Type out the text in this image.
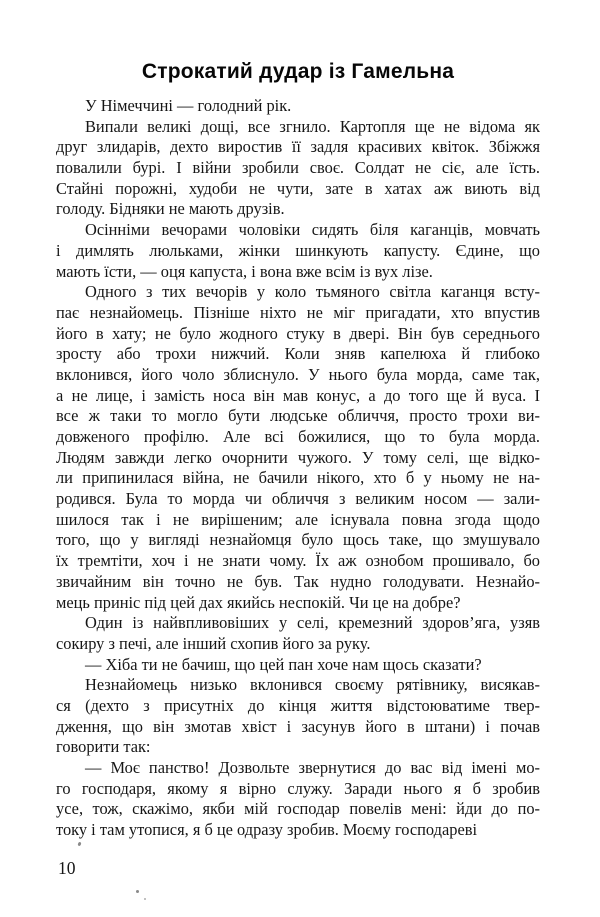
Строкатий дудар із Гамельна
У Німеччині — голодний рік.
Випали великі дощі, все згнило. Картопля ще не відома як
друг злидарів, дехто виростив її задля красивих квіток. Збіжжя
повалили бурі. І війни зробили своє. Солдат не сіє, але їсть.
Стайні порожні, худоби не чути, зате в хатах аж виють від
голоду. Бідняки не мають друзів.
Осінніми вечорами чоловіки сидять біля каганців, мовчать
і димлять люльками, жінки шинкують капусту. Єдине, що
мають їсти, — оця капуста, і вона вже всім із вух лізе.
Одного з тих вечорів у коло тьмяного світла каганця всту-
пає незнайомець. Пізніше ніхто не міг пригадати, хто впустив
його в хату; не було жодного стуку в двері. Він був середнього
зросту або трохи нижчий. Коли зняв капелюха й глибоко
вклонився, його чоло зблиснуло. У нього була морда, саме так,
а не лице, і замість носа він мав конус, а до того ще й вуса. І
все ж таки то могло бути людське обличчя, просто трохи ви-
довженого профілю. Але всі божилися, що то була морда.
Людям завжди легко очорнити чужого. У тому селі, ще відко-
ли припинилася війна, не бачили нікого, хто б у ньому не на-
родився. Була то морда чи обличчя з великим носом — зали-
шилося так і не вирішеним; але існувала повна згода щодо
того, що у вигляді незнайомця було щось таке, що змушувало
їх тремтіти, хоч і не знати чому. Їх аж ознобом прошивало, бо
звичайним він точно не був. Так нудно голодувати. Незнайо-
мець приніс під цей дах якийсь неспокій. Чи це на добре?
Один із найвпливовіших у селі, кремезний здоров’яга, узяв
сокиру з печі, але інший схопив його за руку.
— Хіба ти не бачиш, що цей пан хоче нам щось сказати?
Незнайомець низько вклонився своєму рятівнику, висякав-
ся (дехто з присутніх до кінця життя відстоюватиме твер-
дження, що він змотав хвіст і засунув його в штани) і почав
говорити так:
— Моє панство! Дозвольте звернутися до вас від імені мо-
го господаря, якому я вірно служу. Заради нього я б зробив
усе, тож, скажімо, якби мій господар повелів мені: йди до по-
току і там утопися, я б це одразу зробив. Моєму господареві
10
